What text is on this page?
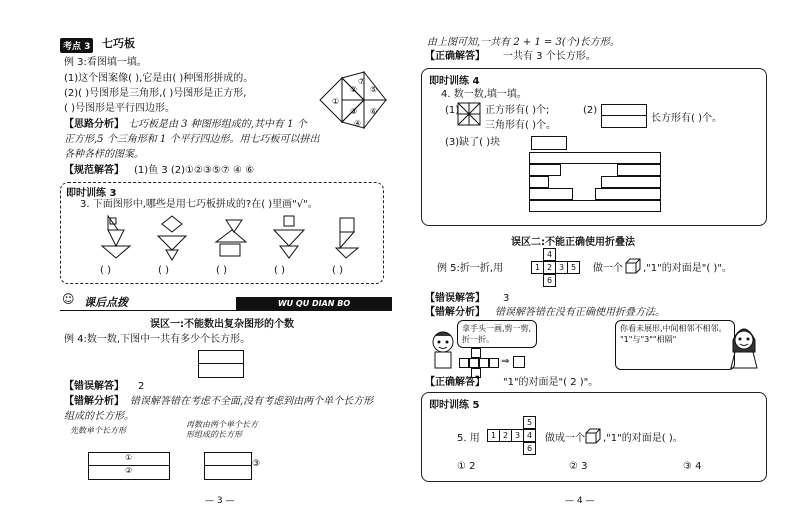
考点 3 七巧板
例 3:看图填一填。
(1)这个图案像( ),它是由( )种图形拼成的。
(2)( )号图形是三角形,( )号图形是正方形,
( )号图形是平行四边形。
①
②
③
④
⑤
⑥
⑦
【思路分析】 七巧板是由 3 种图形组成的,其中有 1 个
正方形,5 个三角形和 1 个平行四边形。用七巧板可以拼出
各种各样的图案。
【规范解答】 (1)鱼 3 (2)①②③⑤⑦ ④ ⑥
即时训练 3
3. 下面图形中,哪些是用七巧板拼成的?在( )里画"√"。
( )	( )	( )	( )	( )
课后点拨	WU QU DIAN BO
☺
误区一:不能数出复杂图形的个数
例 4:数一数,下图中一共有多少个长方形。
【错误解答】 2
【错解分析】 错误解答错在考虑不全面,没有考虑到由两个单个长方形
组成的长方形。
先数单个长方形
再数由两个单个长方
形组成的长方形
①
②
③
— 3 —
由上图可知,一共有 2 + 1 = 3(个)长方形。
【正确解答】 一共有 3 个长方形。
即时训练 4
4. 数一数,填一填。
(1)	正方形有( )个;
三角形有( )个。
(2)
长方形有( )个。
(3)缺了( )块
误区二:不能正确使用折叠法
例 5:折一折,用
4
1 2 3 5
6
做一个 ,"1"的对面是"( )"。
【错误解答】 3
【错解分析】 错误解答错在没有正确使用折叠方法。
拿手头一画,剪一剪,折一折。
⇒
你看未展形,中间相邻不相邻。
"1"与"3""相隔"
【正确解答】 "1"的对面是"( 2 )"。
即时训练 5
5. 用
5
1 2 3 4
6
做成一个 ,"1"的对面是( )。
① 2	② 3	③ 4
— 4 —
